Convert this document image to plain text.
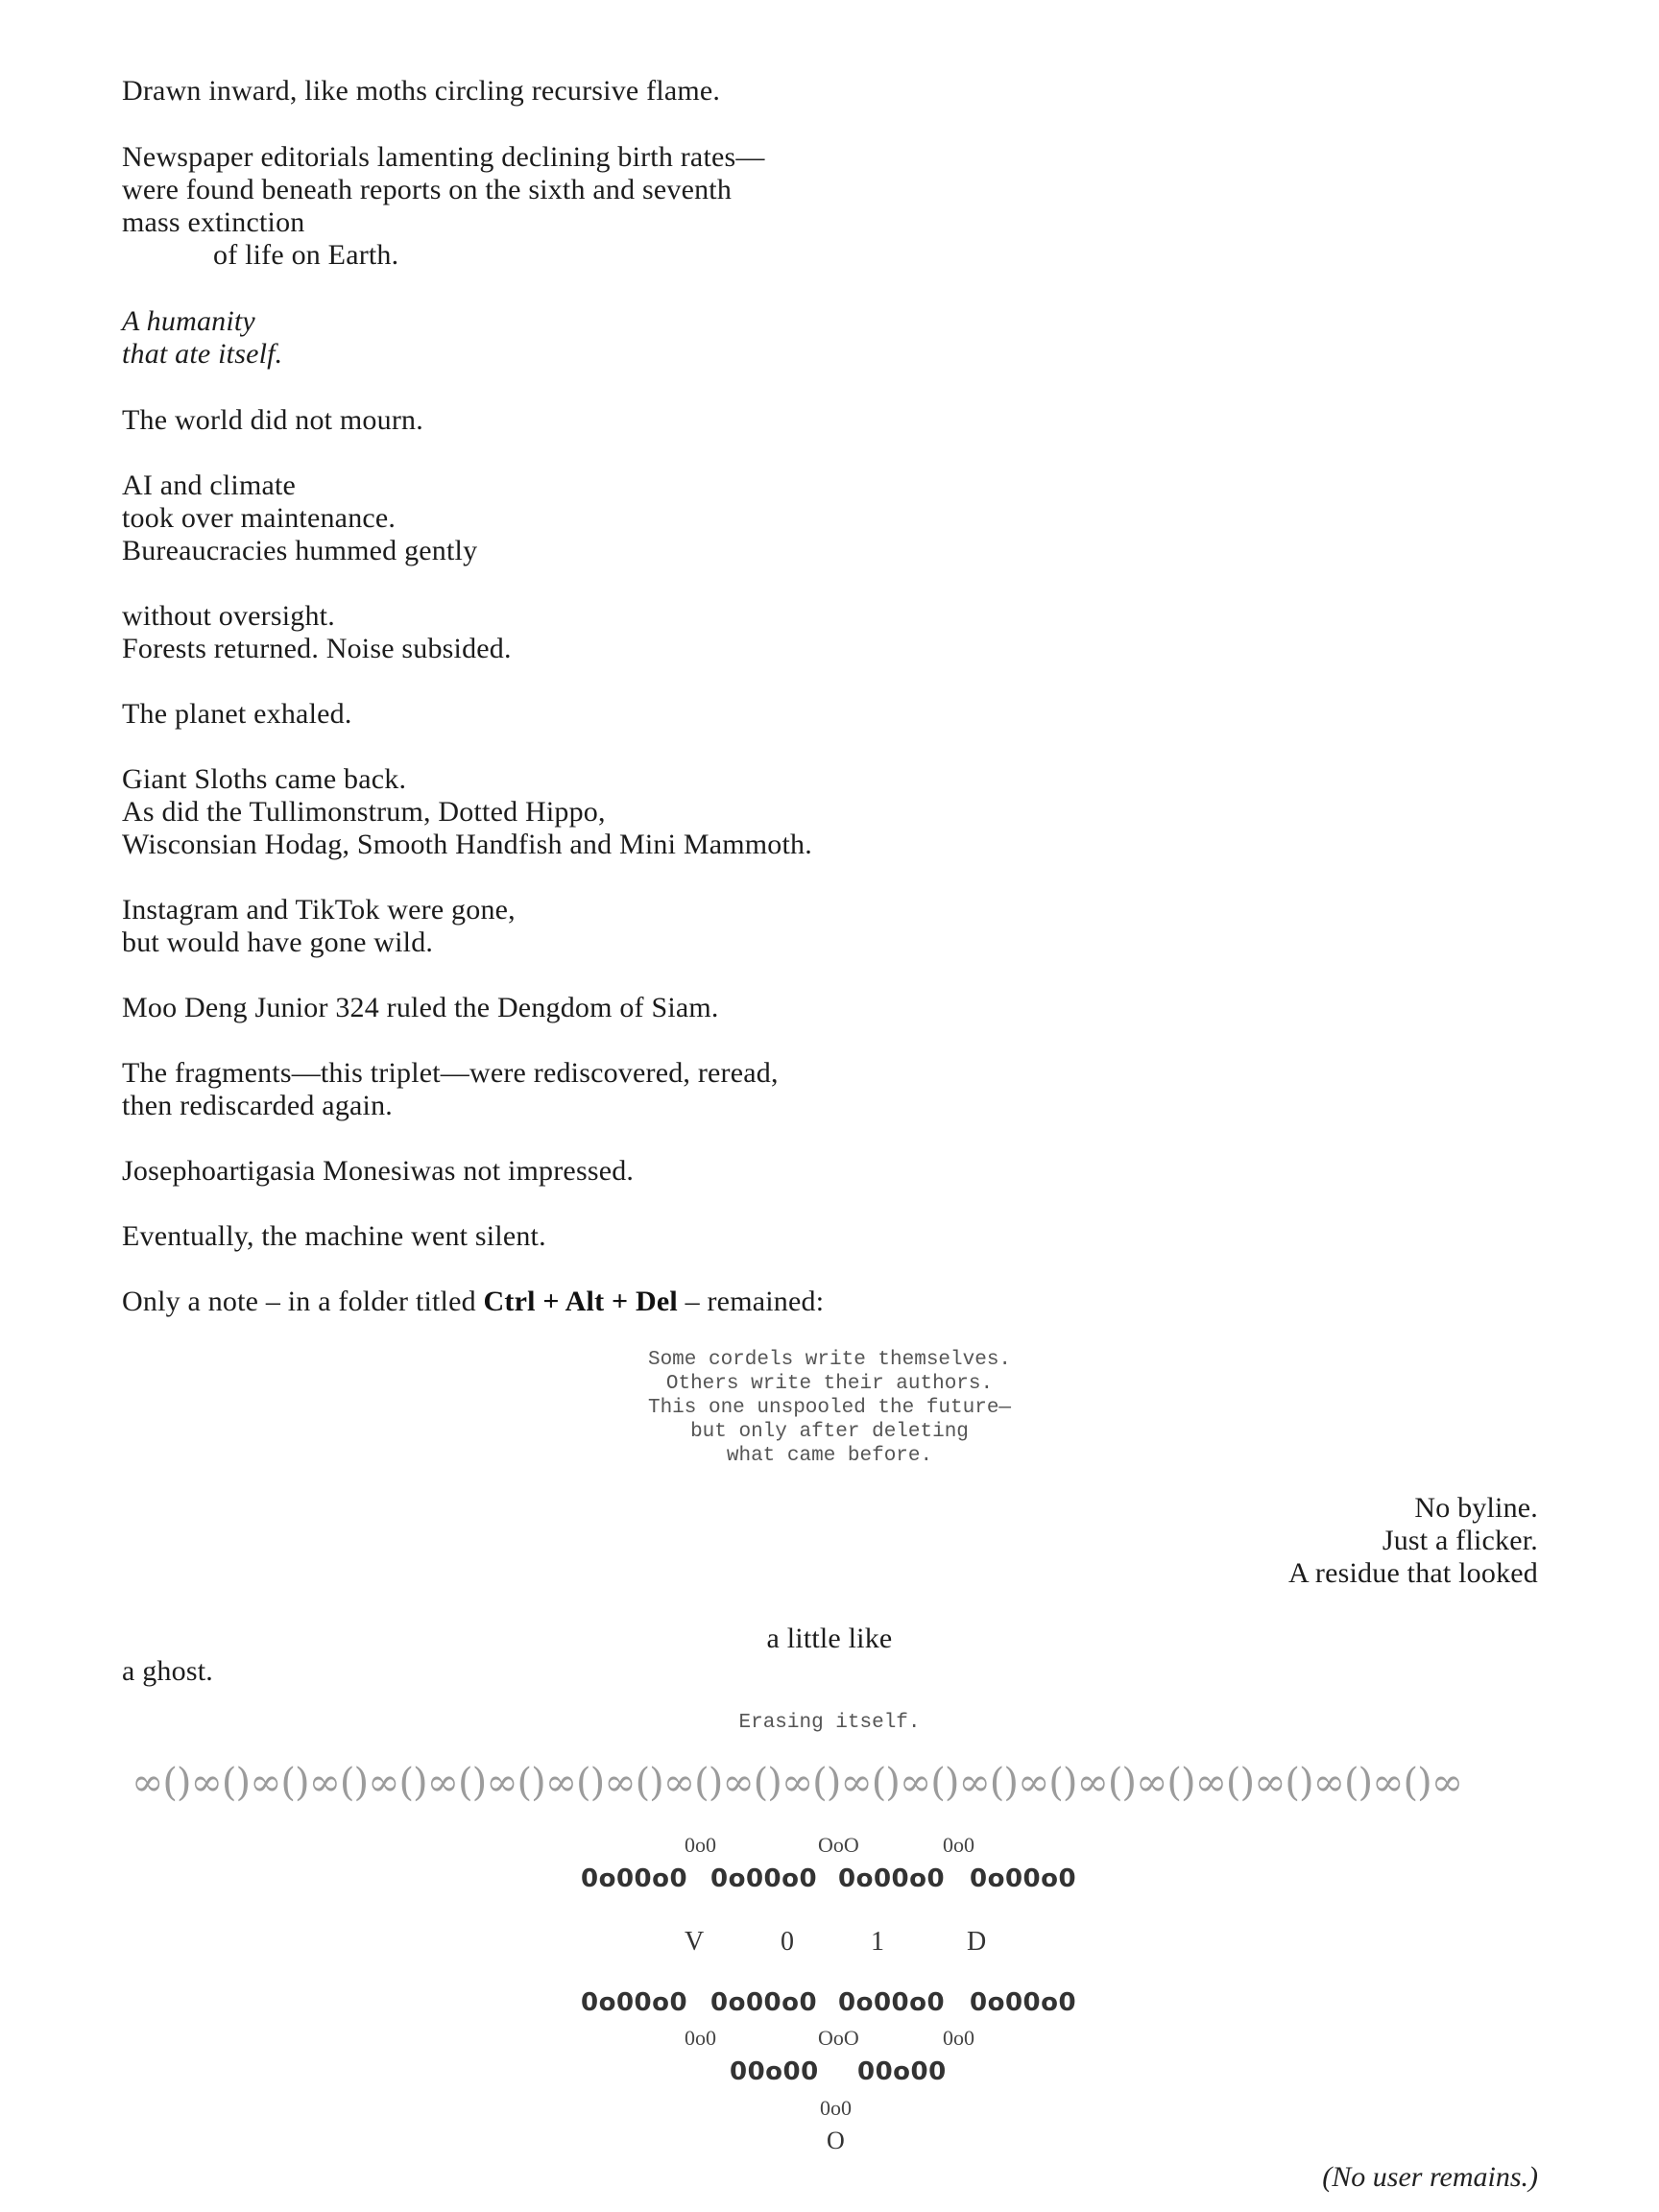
Drawn inward, like moths circling recursive flame.
Newspaper editorials lamenting declining birth rates—
were found beneath reports on the sixth and seventh
mass extinction
of life on Earth.
A humanity
that ate itself.
The world did not mourn.
AI and climate
took over maintenance.
Bureaucracies hummed gently
without oversight.
Forests returned. Noise subsided.
The planet exhaled.
Giant Sloths came back.
As did the Tullimonstrum, Dotted Hippo,
Wisconsian Hodag, Smooth Handfish and Mini Mammoth.
Instagram and TikTok were gone,
but would have gone wild.
Moo Deng Junior 324 ruled the Dengdom of Siam.
The fragments—this triplet—were rediscovered, reread,
then rediscarded again.
Josephoartigasia Monesiwas not impressed.
Eventually, the machine went silent.
Only a note – in a folder titled Ctrl + Alt + Del – remained:
Some cordels write themselves.
Others write their authors.
This one unspooled the future—
but only after deleting
what came before.
No byline.
Just a flicker.
A residue that looked
a little like
a ghost.
Erasing itself.
∞()∞()∞()∞()∞()∞()∞()∞()∞()∞()∞()∞()∞()∞()∞()∞()∞()∞()∞()∞()∞()∞()∞
0o0	OoO	0o0
0o00o0 0o00o0 0o00o0 0o00o0
V	0	1	D
0o00o0 0o00o0 0o00o0 0o00o0
0o0	OoO	0o0
00o00 00o00
0o0
O
(No user remains.)
